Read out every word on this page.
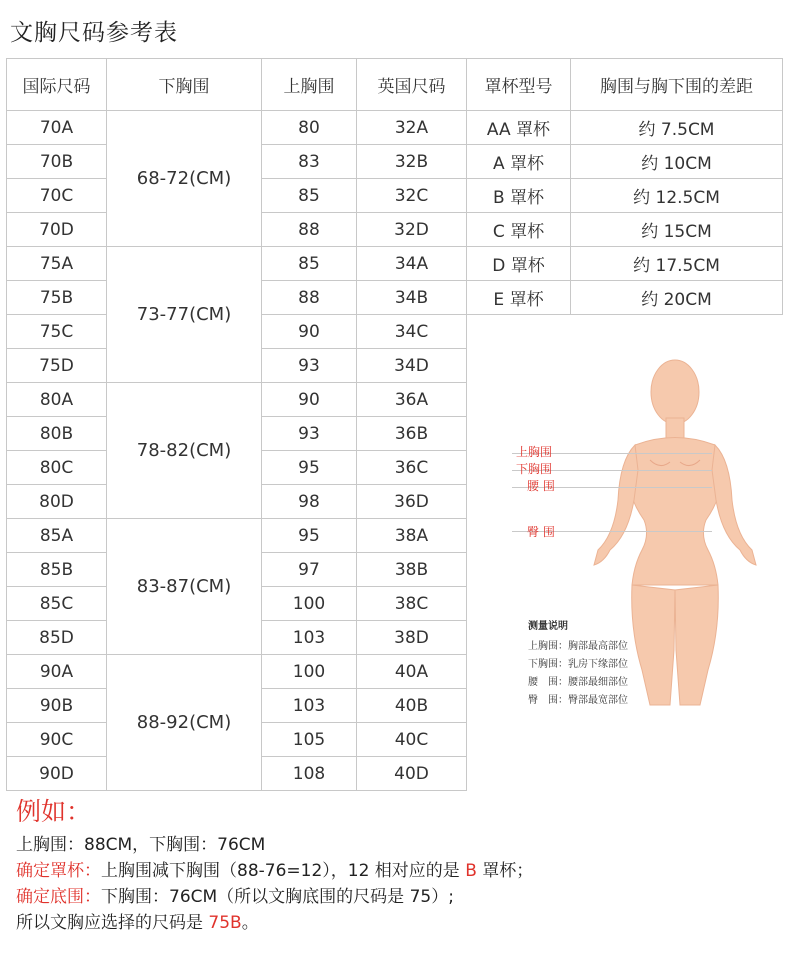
文胸尺码参考表
国际尺码	下胸围	上胸围	英国尺码	罩杯型号	胸围与胸下围的差距
70A	68-72(CM)	80	32A	AA 罩杯	约 7.5CM
70B		83	32B	A 罩杯	约 10CM
70C		85	32C	B 罩杯	约 12.5CM
70D		88	32D	C 罩杯	约 15CM
75A	73-77(CM)	85	34A	D 罩杯	约 17.5CM
75B		88	34B	E 罩杯	约 20CM
75C		90	34C		
75D		93	34D		
80A	78-82(CM)	90	36A		
80B		93	36B		
80C		95	36C		
80D		98	36D		
85A	83-87(CM)	95	38A		
85B		97	38B		
85C		100	38C		
85D		103	38D		
90A	88-92(CM)	100	40A		
90B		103	40B		
90C		105	40C		
90D		108	40D		
上胸围
下胸围
腰 围
臀 围
测量说明
上胸围：胸部最高部位
下胸围：乳房下缘部位
腰　围：腰部最细部位
臀　围：臀部最宽部位
例如：
上胸围：88CM，下胸围：76CM
确定罩杯：上胸围减下胸围（88-76=12），12 相对应的是 B 罩杯；
确定底围：下胸围：76CM（所以文胸底围的尺码是 75）;
所以文胸应选择的尺码是 75B。
